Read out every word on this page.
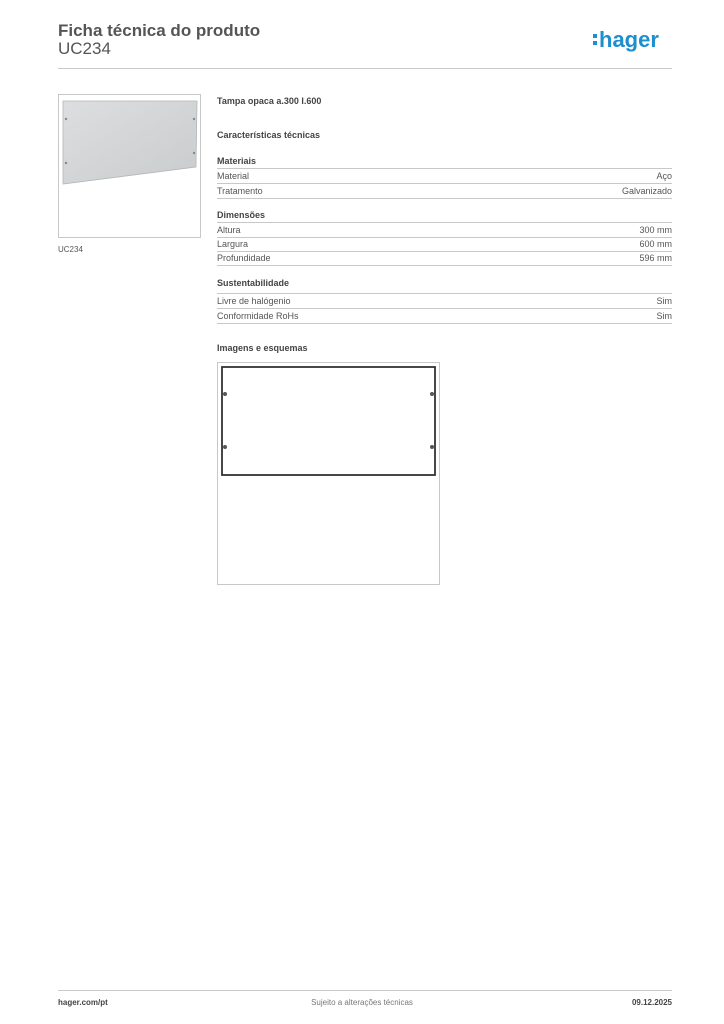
Ficha técnica do produto
UC234	hager
UC234
Tampa opaca a.300 l.600
Características técnicas
Materiais
Material	Aço
Tratamento	Galvanizado
Dimensões
Altura	300 mm
Largura	600 mm
Profundidade	596 mm
Sustentabilidade
Livre de halógenio	Sim
Conformidade RoHs	Sim
Imagens e esquemas
hager.com/pt	Sujeito a alterações técnicas	09.12.2025
